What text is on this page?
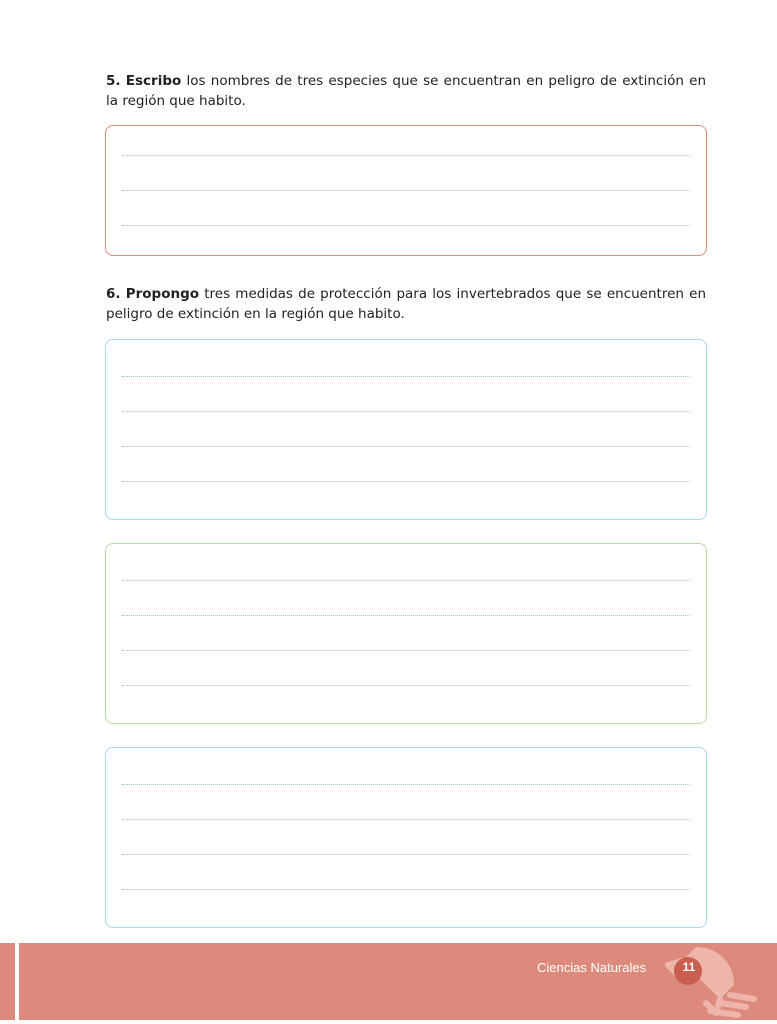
5. Escribo los nombres de tres especies que se encuentran en peligro de extinción en la región que habito.
6. Propongo tres medidas de protección para los invertebrados que se encuentren en peligro de extinción en la región que habito.
Ciencias Naturales	11
